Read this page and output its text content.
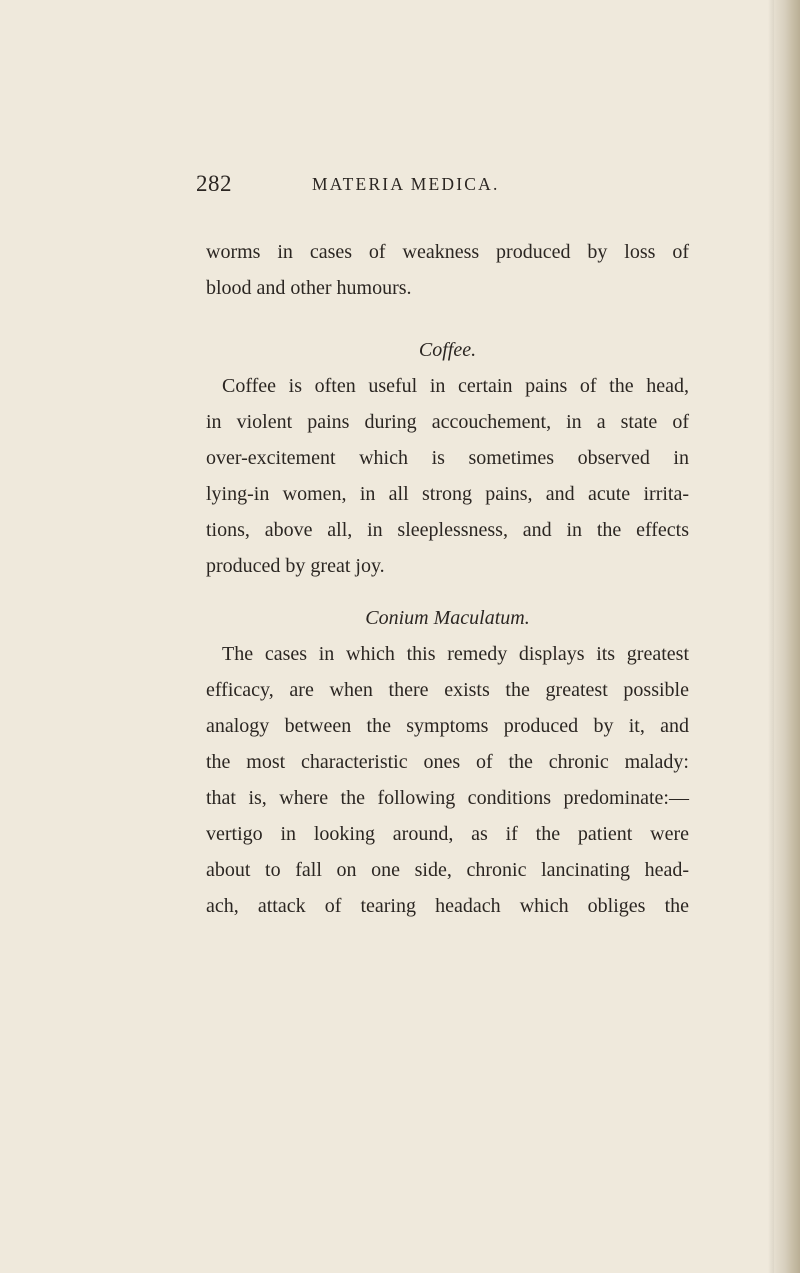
282	MATERIA MEDICA.
worms in cases of weakness produced by loss of
blood and other humours.
Coffee.
Coffee is often useful in certain pains of the head,
in violent pains during accouchement, in a state of
over-excitement which is sometimes observed in
lying-in women, in all strong pains, and acute irrita-
tions, above all, in sleeplessness, and in the effects
produced by great joy.
Conium Maculatum.
The cases in which this remedy displays its greatest
efficacy, are when there exists the greatest possible
analogy between the symptoms produced by it, and
the most characteristic ones of the chronic malady:
that is, where the following conditions predominate:—
vertigo in looking around, as if the patient were
about to fall on one side, chronic lancinating head-
ach, attack of tearing headach which obliges the
